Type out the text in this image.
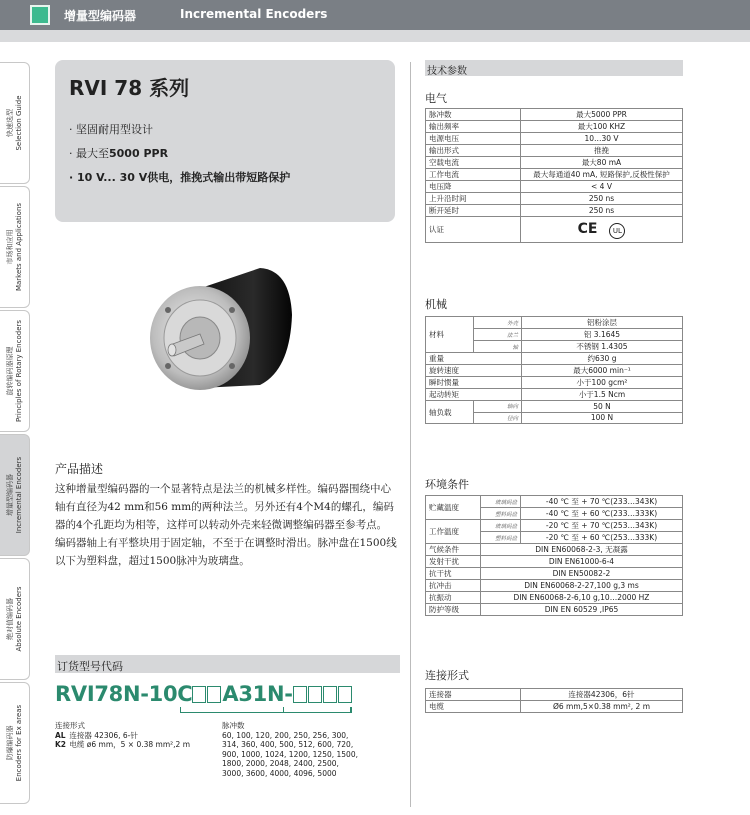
增量型编码器	Incremental Encoders
快速选型
Selection Guide
市场和应用
Markets and Applications
旋转编码器原理
Principles of Rotary Encoders
增量型编码器
Incremental Encoders
绝对值编码器
Absolute Encoders
防爆编码器
Encoders for Ex areas
RVI 78 系列
· 坚固耐用型设计
· 最大至5000 PPR
· 10 V... 30 V供电，推挽式输出带短路保护
产品描述

这种增量型编码器的一个显著特点是法兰的机械多样性。编码器围绕中心轴有直径为42 mm和56 mm的两种法兰。另外还有4个M4的螺孔，编码器的4个孔距均为相等，这样可以转动外壳来轻微调整编码器至参考点。

编码器轴上有平整块用于固定轴，不至于在调整时滑出。脉冲盘在1500线以下为塑料盘，超过1500脉冲为玻璃盘。

订货型号代码
RVI78N-10C A31N-
连接形式
AL 连接器 42306, 6-针
K2 电缆 ø6 mm，5 × 0.38 mm²,2 m
脉冲数
60, 100, 120, 200, 250, 256, 300, 314, 360, 400, 500, 512, 600, 720, 900, 1000, 1024, 1200, 1250, 1500, 1800, 2000, 2048, 2400, 2500, 3000, 3600, 4000, 4096, 5000
技术参数
电气
脉冲数	最大5000 PPR
输出频率	最大100 KHZ
电源电压	10…30 V
输出形式	推挽
空载电流	最大80 mA
工作电流	最大每通道40 mA, 短路保护,反极性保护
电压降	< 4 V
上升沿时间	250 ns
断开延时	250 ns
认证	CE UL
机械
材料	外壳	铝粉涂层
	法兰	铝 3.1645
	轴	不锈钢 1.4305
重量		约630 g
旋转速度		最大6000 min⁻¹
瞬时惯量		小于100 gcm²
起动转矩		小于1.5 Ncm
轴负载	轴向	50 N
	径向	100 N
环境条件
贮藏温度	玻璃码盘	-40 ℃ 至 + 70 ℃(233…343K)
	塑料码盘	-40 ℃ 至 + 60 ℃(233…333K)
工作温度	玻璃码盘	-20 ℃ 至 + 70 ℃(253…343K)
	塑料码盘	-20 ℃ 至 + 60 ℃(253…333K)
气候条件	DIN EN60068-2-3, 无凝露	
发射干扰	DIN EN61000-6-4	
抗干扰	DIN EN50082-2	
抗冲击	DIN EN60068-2-27,100 g,3 ms	
抗振动	DIN EN60068-2-6,10 g,10…2000 HZ	
防护等级	DIN EN 60529 ,IP65	
连接形式
连接器	连接器42306，6针
电缆	Ø6 mm,5×0.38 mm², 2 m
